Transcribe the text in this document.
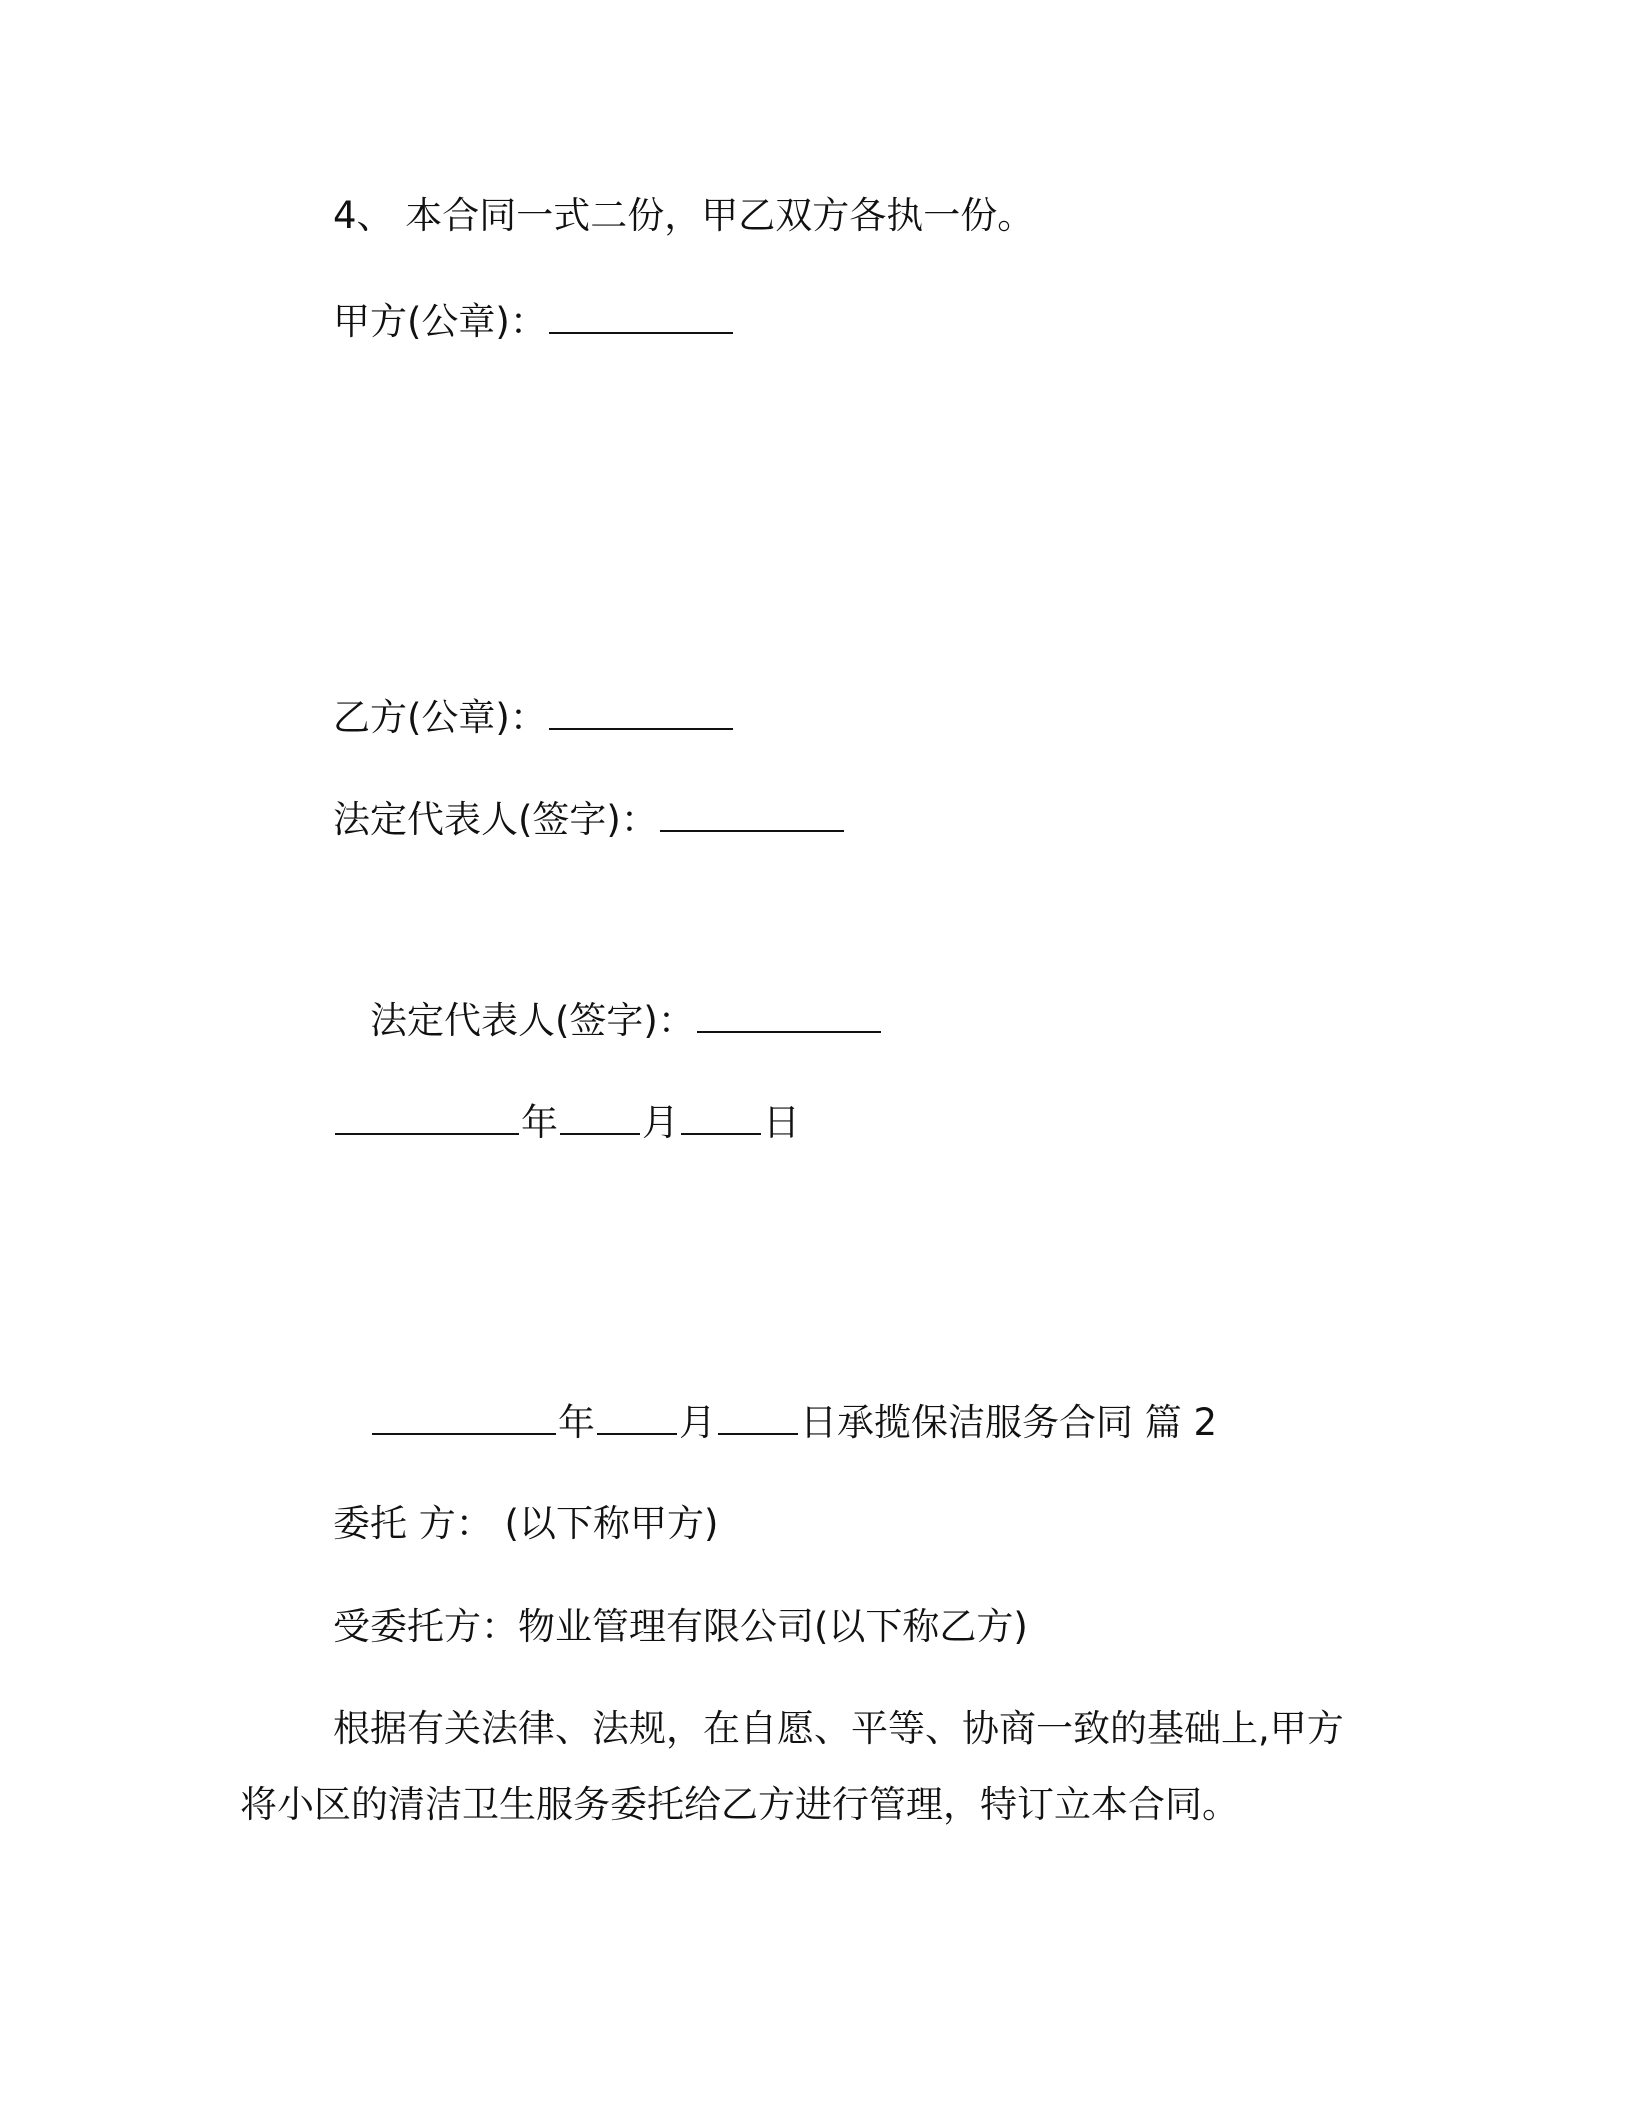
4、 本合同一式二份，甲乙双方各执一份。
甲方(公章)：
乙方(公章)：
法定代表人(签字)：
法定代表人(签字)：
年 月 日
年 月 日承揽保洁服务合同 篇 2
委托 方： (以下称甲方)
受委托方：物业管理有限公司(以下称乙方)
根据有关法律、法规，在自愿、平等、协商一致的基础上,甲方
将小区的清洁卫生服务委托给乙方进行管理，特订立本合同。
